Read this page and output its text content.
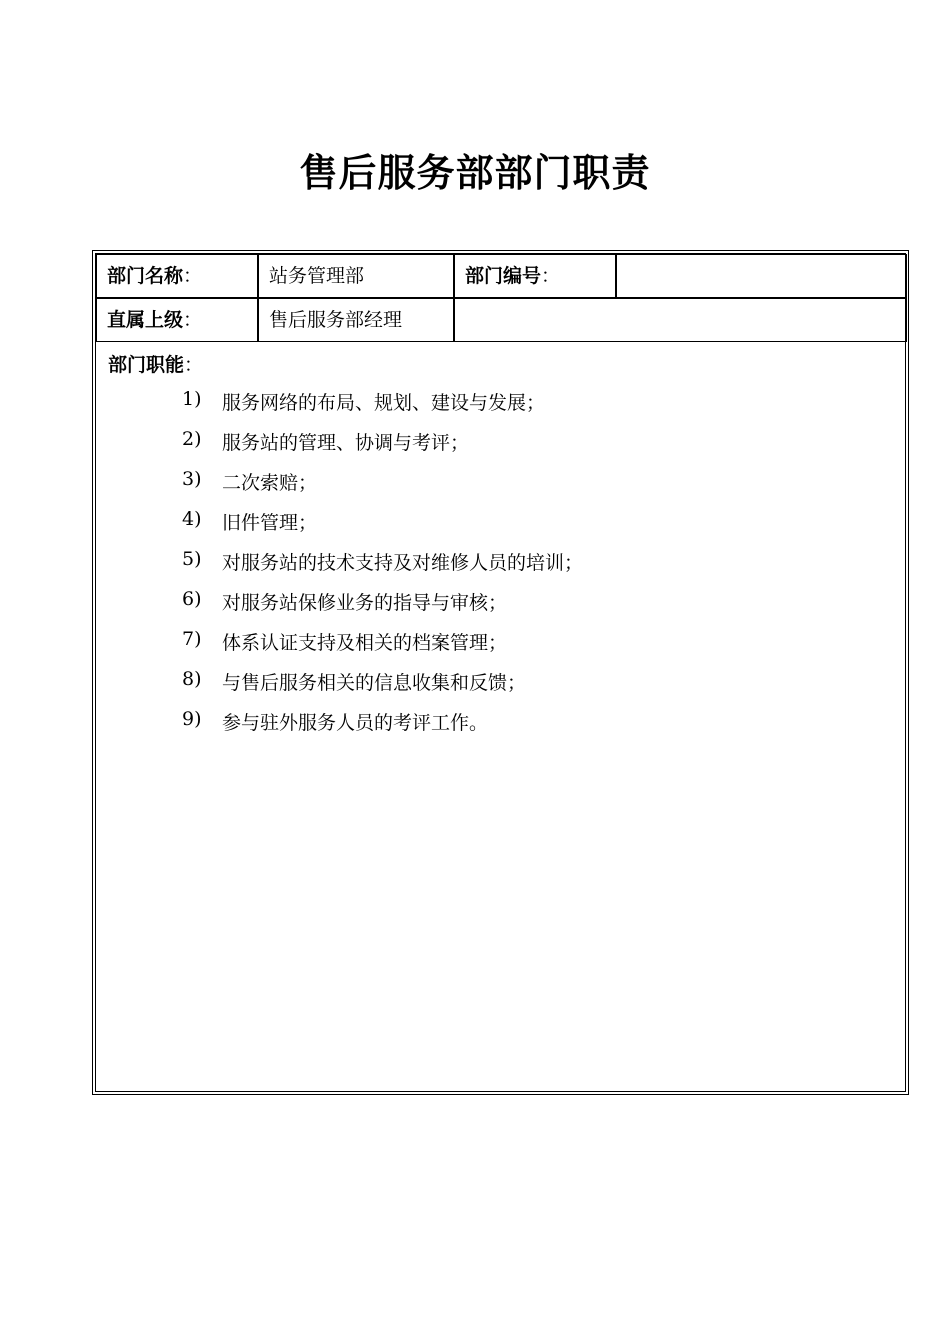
售后服务部部门职责
部门名称：	站务管理部	部门编号：
直属上级：	售后服务部经理
部门职能：
1)	服务网络的布局、规划、建设与发展；
2)	服务站的管理、协调与考评；
3)	二次索赔；
4)	旧件管理；
5)	对服务站的技术支持及对维修人员的培训；
6)	对服务站保修业务的指导与审核；
7)	体系认证支持及相关的档案管理；
8)	与售后服务相关的信息收集和反馈；
9)	参与驻外服务人员的考评工作。
